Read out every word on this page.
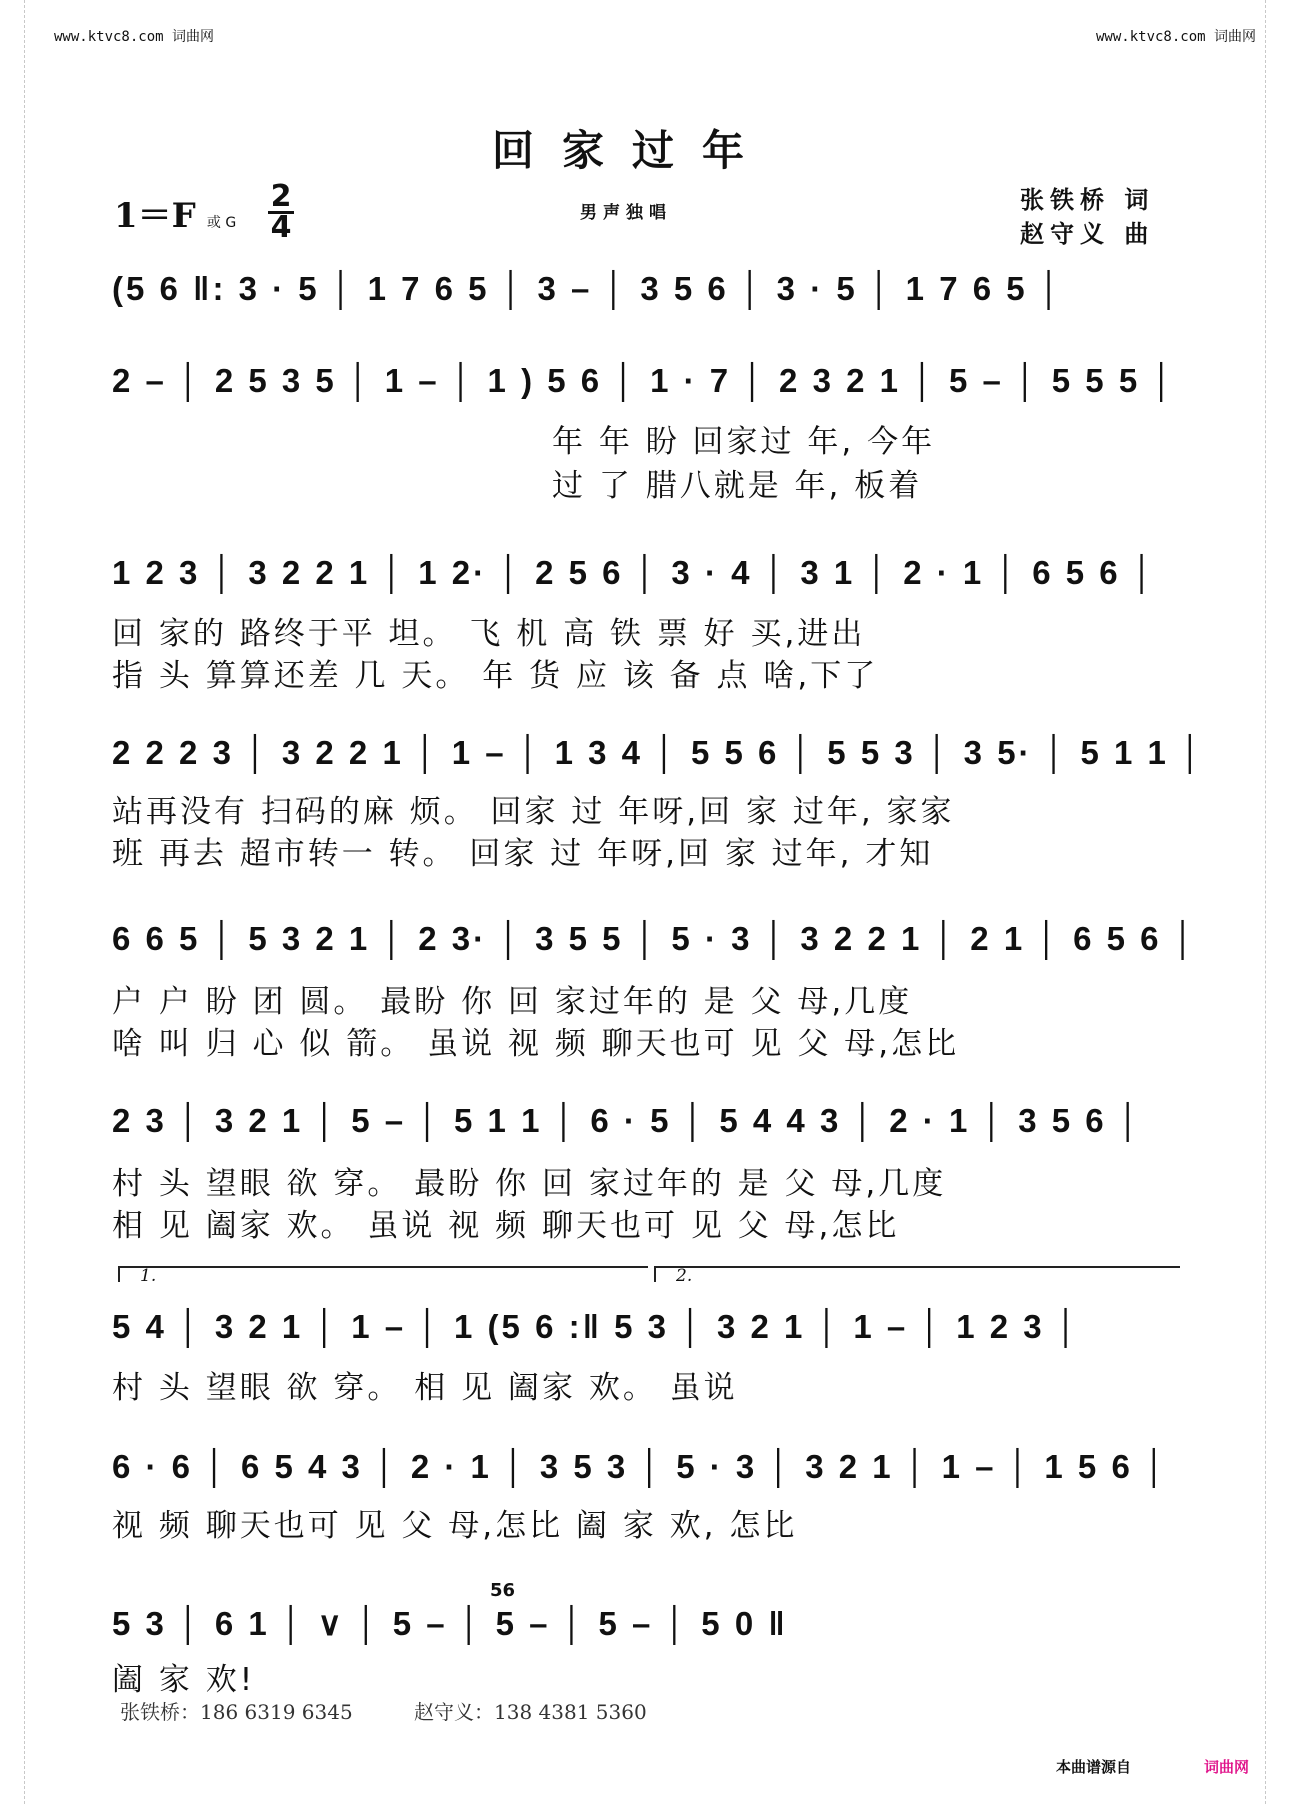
www.ktvc8.com 词曲网	www.ktvc8.com 词曲网
回家过年
1＝F 或 G
2
4	男声独唱	张铁桥 词
赵守义 曲
(5 6 ‖: 3 · 5 │ 1 7 6 5 │ 3 – │ 3 5 6 │ 3 · 5 │ 1 7 6 5 │
2 – │ 2 5 3 5 │ 1 – │ 1 ) 5 6 │ 1 · 7 │ 2 3 2 1 │ 5 – │ 5 5 5 │
年 年 盼 回家过 年, 今年
过 了 腊八就是 年, 板着
1 2 3 │ 3 2 2 1 │ 1 2· │ 2 5 6 │ 3 · 4 │ 3 1 │ 2 · 1 │ 6 5 6 │
回 家的 路终于平 坦。 飞 机 高 铁 票 好 买,进出
指 头 算算还差 几 天。 年 货 应 该 备 点 啥,下了
2 2 2 3 │ 3 2 2 1 │ 1 – │ 1 3 4 │ 5 5 6 │ 5 5 3 │ 3 5· │ 5 1 1 │
站再没有 扫码的麻 烦。 回家 过 年呀,回 家 过年, 家家
班 再去 超市转一 转。 回家 过 年呀,回 家 过年, 才知
6 6 5 │ 5 3 2 1 │ 2 3· │ 3 5 5 │ 5 · 3 │ 3 2 2 1 │ 2 1 │ 6 5 6 │
户 户 盼 团 圆。 最盼 你 回 家过年的 是 父 母,几度
啥 叫 归 心 似 箭。 虽说 视 频 聊天也可 见 父 母,怎比
2 3 │ 3 2 1 │ 5 – │ 5 1 1 │ 6 · 5 │ 5 4 4 3 │ 2 · 1 │ 3 5 6 │
村 头 望眼 欲 穿。 最盼 你 回 家过年的 是 父 母,几度
相 见 阖家 欢。 虽说 视 频 聊天也可 见 父 母,怎比
1.	2.
5 4 │ 3 2 1 │ 1 – │ 1 (5 6 :‖ 5 3 │ 3 2 1 │ 1 – │ 1 2 3 │
村 头 望眼 欲 穿。 相 见 阖家 欢。 虽说
6 · 6 │ 6 5 4 3 │ 2 · 1 │ 3 5 3 │ 5 · 3 │ 3 2 1 │ 1 – │ 1 5 6 │
视 频 聊天也可 见 父 母,怎比 阖 家 欢, 怎比
56
5 3 │ 6 1 │ ∨ │ 5 – │ 5 – │ 5 – │ 5 0 ‖
阖 家 欢!
张铁桥：186 6319 6345	赵守义：138 4381 5360
本曲谱源自	词曲网
